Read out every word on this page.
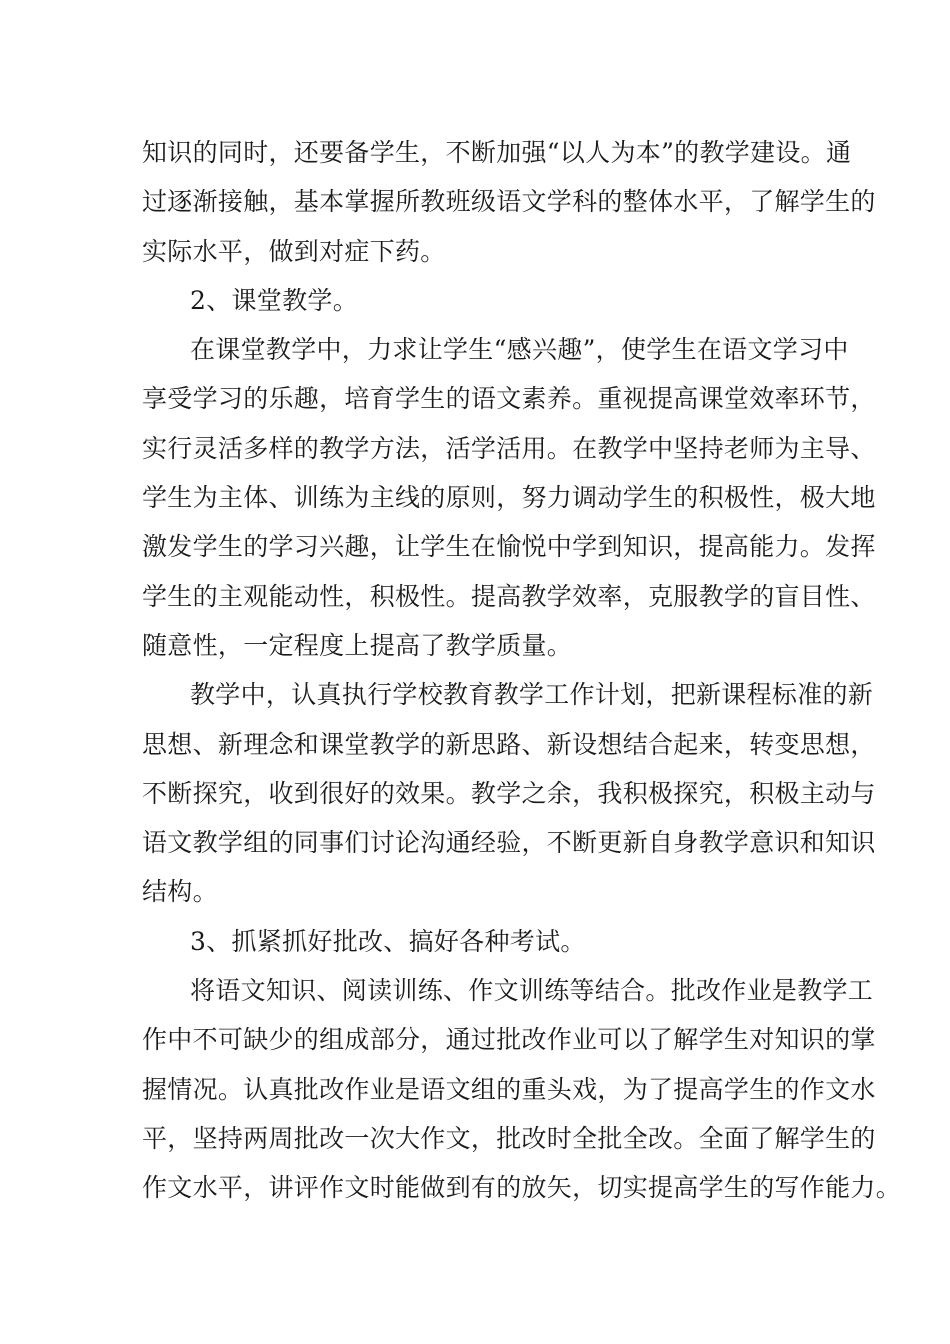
知识的同时，还要备学生，不断加强“以人为本”的教学建设。通
过逐渐接触，基本掌握所教班级语文学科的整体水平，了解学生的
实际水平，做到对症下药。
2、课堂教学。
在课堂教学中，力求让学生“感兴趣”，使学生在语文学习中
享受学习的乐趣，培育学生的语文素养。重视提高课堂效率环节，
实行灵活多样的教学方法，活学活用。在教学中坚持老师为主导、
学生为主体、训练为主线的原则，努力调动学生的积极性，极大地
激发学生的学习兴趣，让学生在愉悦中学到知识，提高能力。发挥
学生的主观能动性，积极性。提高教学效率，克服教学的盲目性、
随意性，一定程度上提高了教学质量。
教学中，认真执行学校教育教学工作计划，把新课程标准的新
思想、新理念和课堂教学的新思路、新设想结合起来，转变思想，
不断探究，收到很好的效果。教学之余，我积极探究，积极主动与
语文教学组的同事们讨论沟通经验，不断更新自身教学意识和知识
结构。
3、抓紧抓好批改、搞好各种考试。
将语文知识、阅读训练、作文训练等结合。批改作业是教学工
作中不可缺少的组成部分，通过批改作业可以了解学生对知识的掌
握情况。认真批改作业是语文组的重头戏，为了提高学生的作文水
平，坚持两周批改一次大作文，批改时全批全改。全面了解学生的
作文水平，讲评作文时能做到有的放矢，切实提高学生的写作能力。
